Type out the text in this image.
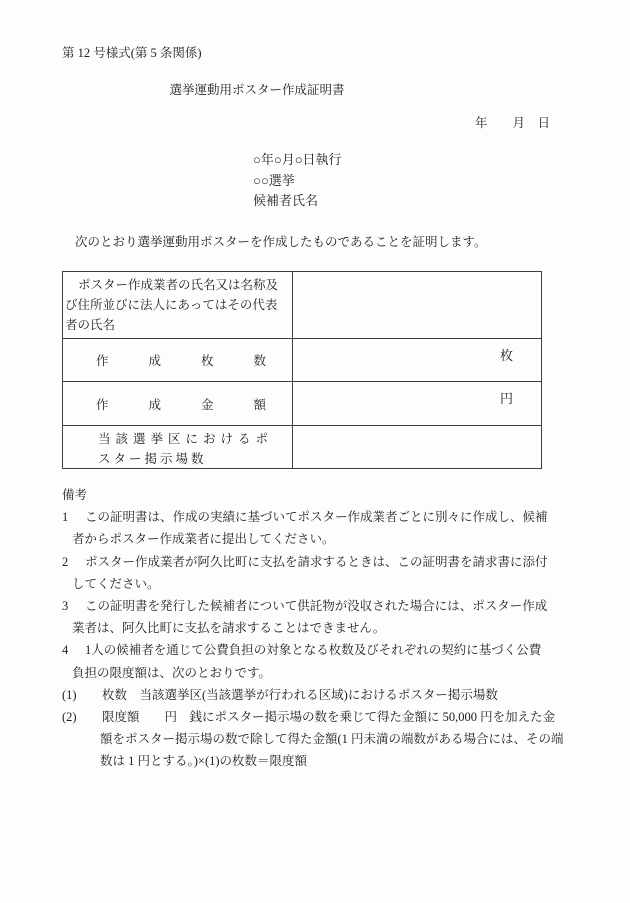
第 12 号様式(第 5 条関係)
選挙運動用ポスター作成証明書
年　　月　日
○年○月○日執行
○○選挙
候補者氏名
次のとおり選挙運動用ポスターを作成したものであることを証明します。
ポスター作成業者の氏名又は名称及
び住所並びに法人にあってはその代表
者の氏名
作成枚数	枚
作成金額	円
当該選挙区におけるポ
スター掲示場数
備考
1 この証明書は、作成の実績に基づいてポスター作成業者ごとに別々に作成し、候補
者からポスター作成業者に提出してください。
2 ポスター作成業者が阿久比町に支払を請求するときは、この証明書を請求書に添付
してください。
3 この証明書を発行した候補者について供託物が没収された場合には、ポスター作成
業者は、阿久比町に支払を請求することはできません。
4 1人の候補者を通じて公費負担の対象となる枚数及びそれぞれの契約に基づく公費
負担の限度額は、次のとおりです。
(1) 枚数　当該選挙区(当該選挙が行われる区域)におけるポスター掲示場数
(2) 限度額　　円　銭にポスター掲示場の数を乗じて得た金額に 50,000 円を加えた金
額をポスター掲示場の数で除して得た金額(1 円未満の端数がある場合には、その端
数は 1 円とする。)×(1)の枚数＝限度額
